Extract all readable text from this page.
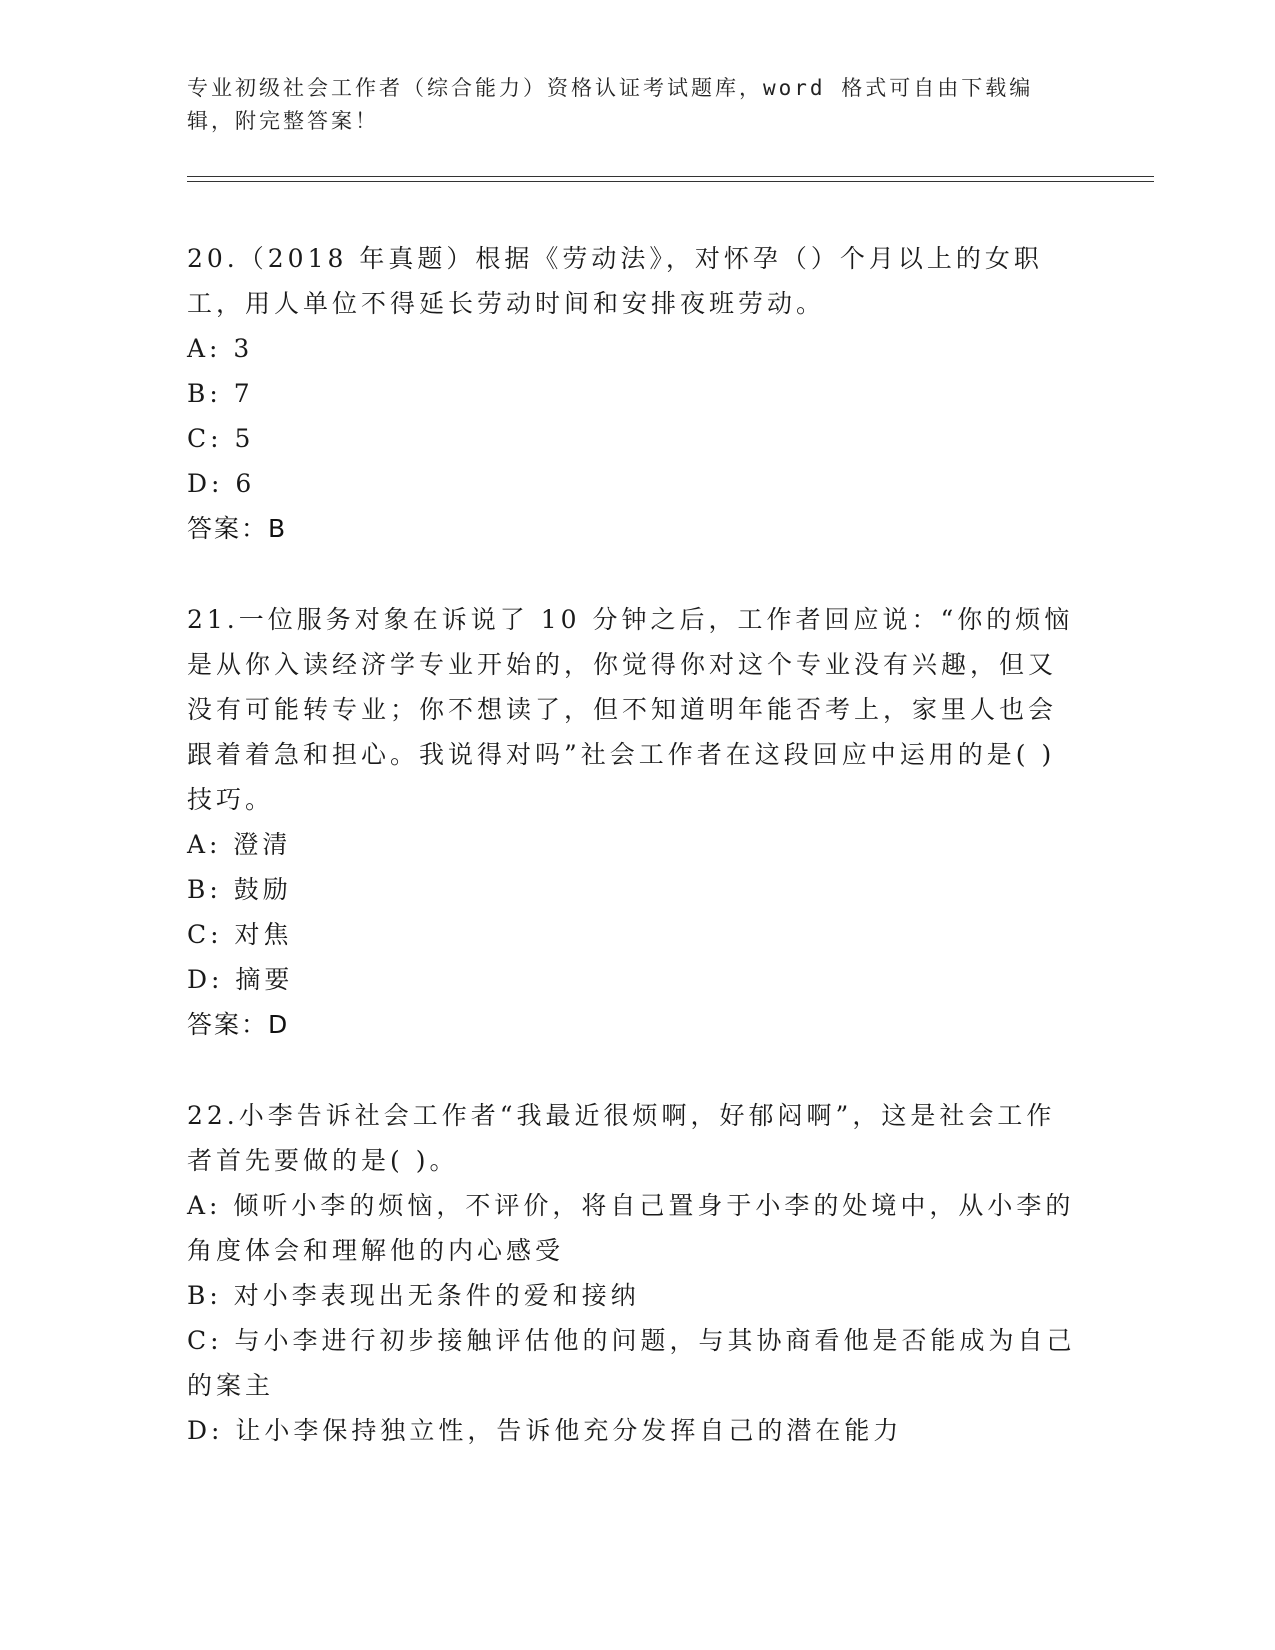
专业初级社会工作者（综合能力）资格认证考试题库，word 格式可自由下载编辑，附完整答案！

20.（2018 年真题）根据《劳动法》，对怀孕（）个月以上的女职工，用人单位不得延长劳动时间和安排夜班劳动。

A: 3

B: 7

C: 5

D: 6

答案：B

21.一位服务对象在诉说了 10 分钟之后，工作者回应说：“你的烦恼是从你入读经济学专业开始的，你觉得你对这个专业没有兴趣，但又没有可能转专业；你不想读了，但不知道明年能否考上，家里人也会跟着着急和担心。我说得对吗”社会工作者在这段回应中运用的是( )技巧。

A: 澄清

B: 鼓励

C: 对焦

D: 摘要

答案：D

22.小李告诉社会工作者“我最近很烦啊，好郁闷啊”，这是社会工作者首先要做的是( )。

A: 倾听小李的烦恼，不评价，将自己置身于小李的处境中，从小李的角度体会和理解他的内心感受

B: 对小李表现出无条件的爱和接纳

C: 与小李进行初步接触评估他的问题，与其协商看他是否能成为自己的案主

D: 让小李保持独立性，告诉他充分发挥自己的潜在能力
